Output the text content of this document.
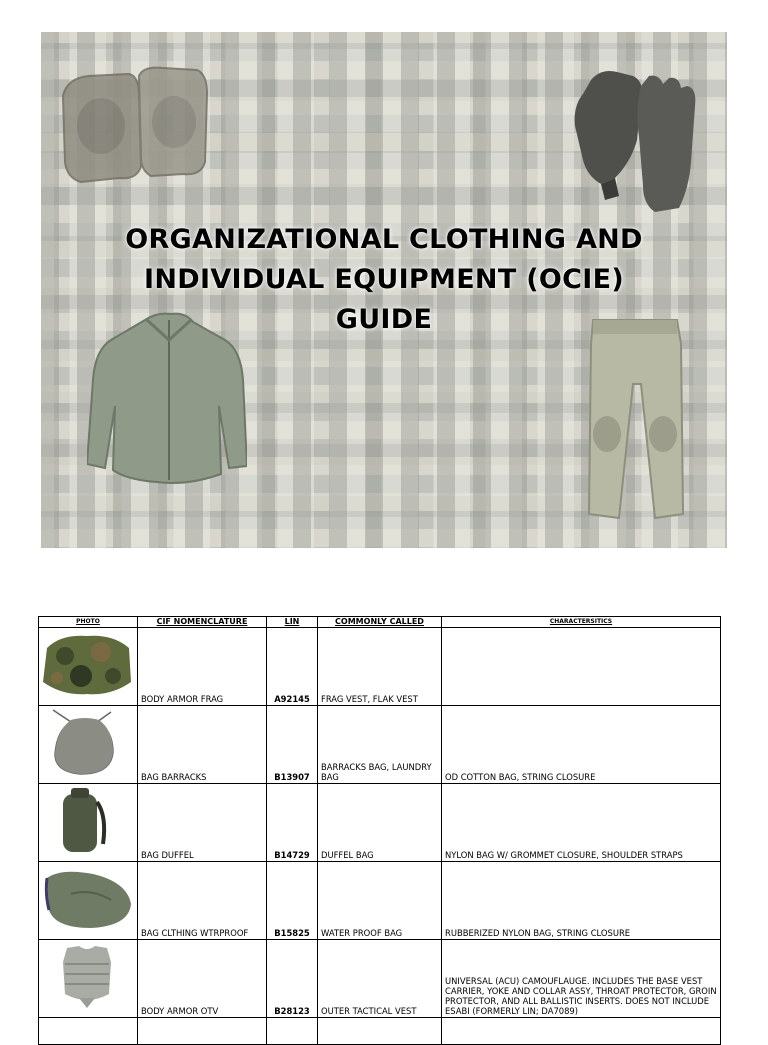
ORGANIZATIONAL CLOTHING AND
INDIVIDUAL EQUIPMENT (OCIE)
GUIDE
PHOTO	CIF NOMENCLATURE	LIN	COMMONLY CALLED	CHARACTERSITICS

	BODY ARMOR FRAG	A92145	FRAG VEST, FLAK VEST	

	BAG BARRACKS	B13907	BARRACKS BAG, LAUNDRY BAG	OD COTTON BAG, STRING CLOSURE

	BAG DUFFEL	B14729	DUFFEL BAG	NYLON BAG W/ GROMMET CLOSURE, SHOULDER STRAPS

	BAG CLTHING WTRPROOF	B15825	WATER PROOF BAG	RUBBERIZED NYLON BAG, STRING CLOSURE

	BODY ARMOR OTV	B28123	OUTER TACTICAL VEST	UNIVERSAL (ACU) CAMOUFLAUGE. INCLUDES THE BASE VEST CARRIER, YOKE AND COLLAR ASSY, THROAT PROTECTOR, GROIN PROTECTOR, AND ALL BALLISTIC INSERTS. DOES NOT INCLUDE ESABI (FORMERLY LIN; DA7089)
